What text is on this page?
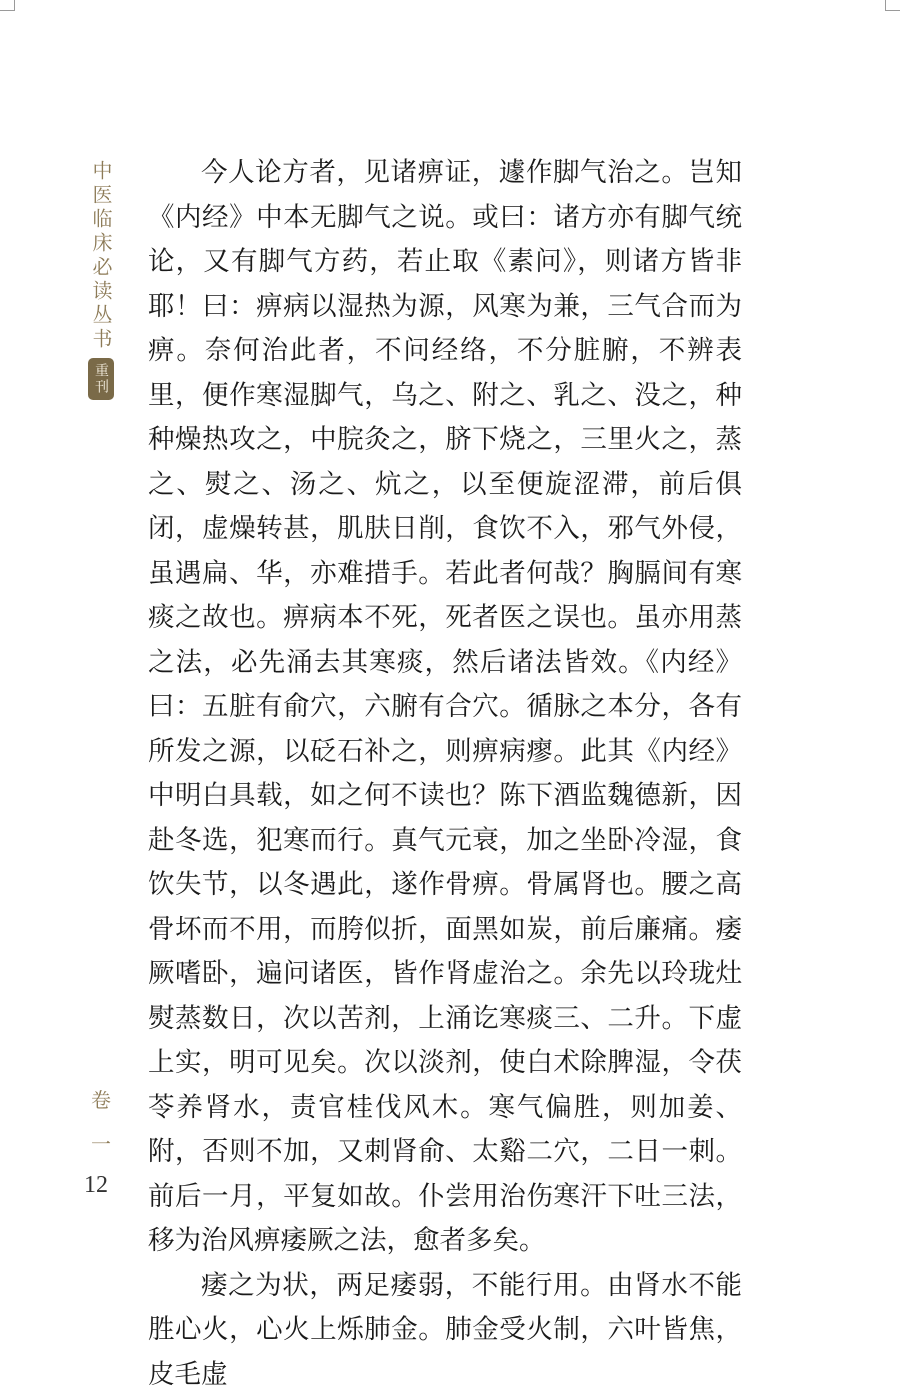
中医临床必读丛书
重刊

今人论方者，见诸痹证，遽作脚气治之。岂知《内经》中本无脚气之说。或曰：诸方亦有脚气统论，又有脚气方药，若止取《素问》，则诸方皆非耶！曰：痹病以湿热为源，风寒为兼，三气合而为痹。奈何治此者，不问经络，不分脏腑，不辨表里，便作寒湿脚气，乌之、附之、乳之、没之，种种燥热攻之，中脘灸之，脐下烧之，三里火之，蒸之、熨之、汤之、炕之，以至便旋涩滞，前后俱闭，虚燥转甚，肌肤日削，食饮不入，邪气外侵，虽遇扁、华，亦难措手。若此者何哉？胸膈间有寒痰之故也。痹病本不死，死者医之误也。虽亦用蒸之法，必先涌去其寒痰，然后诸法皆效。《内经》曰：五脏有俞穴，六腑有合穴。循脉之本分，各有所发之源，以砭石补之，则痹病瘳。此其《内经》中明白具载，如之何不读也？陈下酒监魏德新，因赴冬选，犯寒而行。真气元衰，加之坐卧冷湿，食饮失节，以冬遇此，遂作骨痹。骨属肾也。腰之高骨坏而不用，而胯似折，面黑如炭，前后廉痛。痿厥嗜卧，遍问诸医，皆作肾虚治之。余先以玲珑灶熨蒸数日，次以苦剂，上涌讫寒痰三、二升。下虚上实，明可见矣。次以淡剂，使白术除脾湿，令茯苓养肾水，责官桂伐风木。寒气偏胜，则加姜、附，否则不加，又刺肾俞、太谿二穴，二日一刺。前后一月，平复如故。仆尝用治伤寒汗下吐三法，移为治风痹痿厥之法，愈者多矣。

痿之为状，两足痿弱，不能行用。由肾水不能胜心火，心火上烁肺金。肺金受火制，六叶皆焦，皮毛虚

卷
一
12
